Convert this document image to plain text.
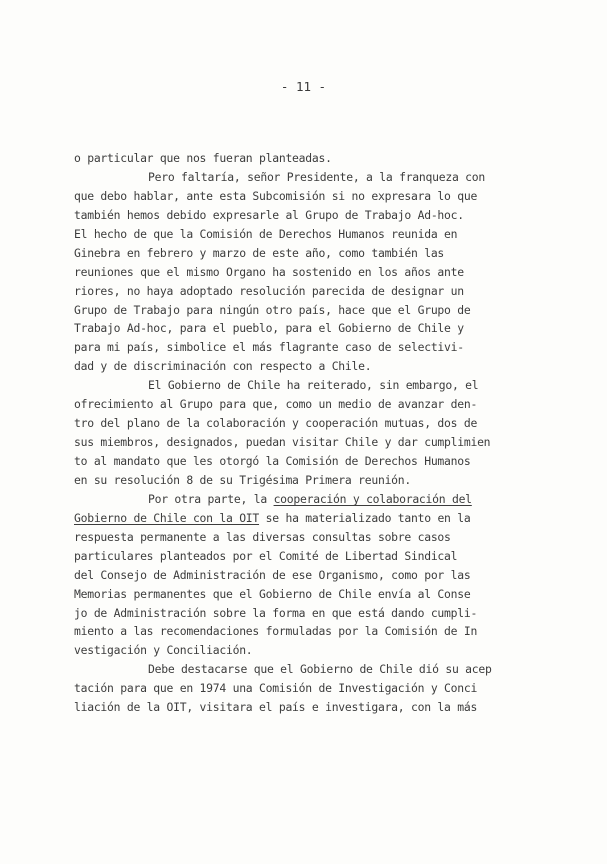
- 11 -
o particular que nos fueran planteadas.
Pero faltaría, señor Presidente, a la franqueza con
que debo hablar, ante esta Subcomisión si no expresara lo que
también hemos debido expresarle al Grupo de Trabajo Ad-hoc.
El hecho de que la Comisión de Derechos Humanos reunida en
Ginebra en febrero y marzo de este año, como también las
reuniones que el mismo Organo ha sostenido en los años ante
riores, no haya adoptado resolución parecida de designar un
Grupo de Trabajo para ningún otro país, hace que el Grupo de
Trabajo Ad-hoc, para el pueblo, para el Gobierno de Chile y
para mi país, simbolice el más flagrante caso de selectivi-
dad y de discriminación con respecto a Chile.
El Gobierno de Chile ha reiterado, sin embargo, el
ofrecimiento al Grupo para que, como un medio de avanzar den-
tro del plano de la colaboración y cooperación mutuas, dos de
sus miembros, designados, puedan visitar Chile y dar cumplimien
to al mandato que les otorgó la Comisión de Derechos Humanos
en su resolución 8 de su Trigésima Primera reunión.
Por otra parte, la cooperación y colaboración del
Gobierno de Chile con la OIT se ha materializado tanto en la
respuesta permanente a las diversas consultas sobre casos
particulares planteados por el Comité de Libertad Sindical
del Consejo de Administración de ese Organismo, como por las
Memorias permanentes que el Gobierno de Chile envía al Conse
jo de Administración sobre la forma en que está dando cumpli-
miento a las recomendaciones formuladas por la Comisión de In
vestigación y Conciliación.
Debe destacarse que el Gobierno de Chile dió su acep
tación para que en 1974 una Comisión de Investigación y Conci
liación de la OIT, visitara el país e investigara, con la más
